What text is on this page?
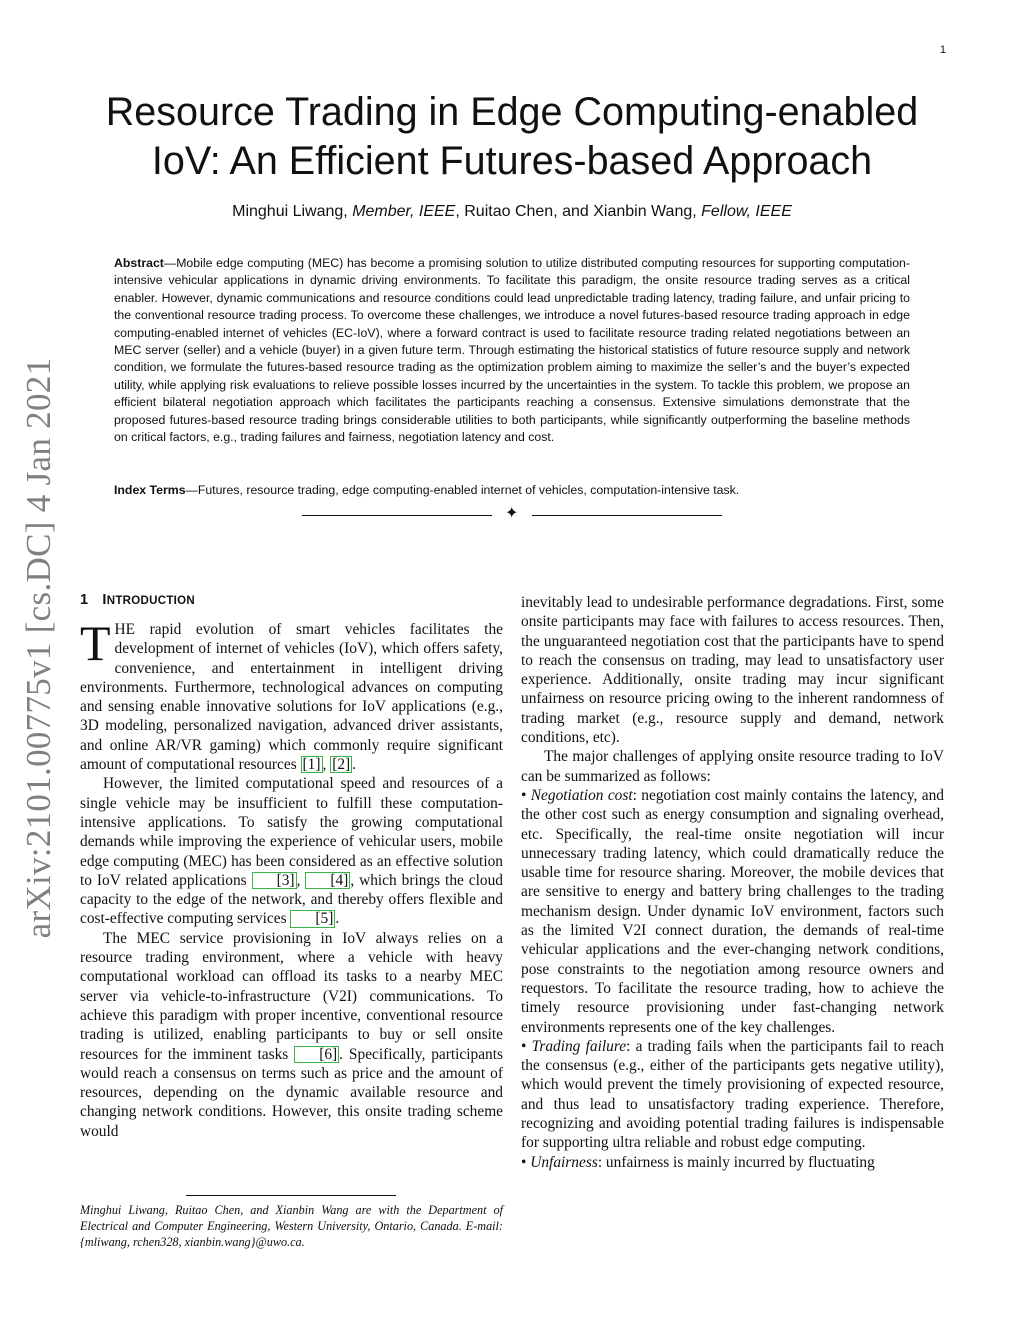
1
arXiv:2101.00775v1 [cs.DC] 4 Jan 2021
Resource Trading in Edge Computing-enabled
IoV: An Efficient Futures-based Approach
Minghui Liwang, Member, IEEE, Ruitao Chen, and Xianbin Wang, Fellow, IEEE

Abstract—Mobile edge computing (MEC) has become a promising solution to utilize distributed computing resources for supporting computation-intensive vehicular applications in dynamic driving environments. To facilitate this paradigm, the onsite resource trading serves as a critical enabler. However, dynamic communications and resource conditions could lead unpredictable trading latency, trading failure, and unfair pricing to the conventional resource trading process. To overcome these challenges, we introduce a novel futures-based resource trading approach in edge computing-enabled internet of vehicles (EC-IoV), where a forward contract is used to facilitate resource trading related negotiations between an MEC server (seller) and a vehicle (buyer) in a given future term. Through estimating the historical statistics of future resource supply and network condition, we formulate the futures-based resource trading as the optimization problem aiming to maximize the seller’s and the buyer’s expected utility, while applying risk evaluations to relieve possible losses incurred by the uncertainties in the system. To tackle this problem, we propose an efficient bilateral negotiation approach which facilitates the participants reaching a consensus. Extensive simulations demonstrate that the proposed futures-based resource trading brings considerable utilities to both participants, while significantly outperforming the baseline methods on critical factors, e.g., trading failures and fairness, negotiation latency and cost.

Index Terms—Futures, resource trading, edge computing-enabled internet of vehicles, computation-intensive task.

✦
1 INTRODUCTION

THE rapid evolution of smart vehicles facilitates the development of internet of vehicles (IoV), which offers safety, convenience, and entertainment in intelligent driving environments. Furthermore, technological advances on computing and sensing enable innovative solutions for IoV applications (e.g., 3D modeling, personalized navigation, advanced driver assistants, and online AR/VR gaming) which commonly require significant amount of computational resources [1] , [2] .

However, the limited computational speed and resources of a single vehicle may be insufficient to fulfill these computation-intensive applications. To satisfy the growing computational demands while improving the experience of vehicular users, mobile edge computing (MEC) has been considered as an effective solution to IoV related applications [3] , [4] , which brings the cloud capacity to the edge of the network, and thereby offers flexible and cost-effective computing services [5] .

The MEC service provisioning in IoV always relies on a resource trading environment, where a vehicle with heavy computational workload can offload its tasks to a nearby MEC server via vehicle-to-infrastructure (V2I) communications. To achieve this paradigm with proper incentive, conventional resource trading is utilized, enabling participants to buy or sell onsite resources for the imminent tasks [6] . Specifically, participants would reach a consensus on terms such as price and the amount of resources, depending on the dynamic available resource and changing network conditions. However, this onsite trading scheme would

Minghui Liwang, Ruitao Chen, and Xianbin Wang are with the Department of Electrical and Computer Engineering, Western University, Ontario, Canada. E-mail: {mliwang, rchen328, xianbin.wang}@uwo.ca.

inevitably lead to undesirable performance degradations. First, some onsite participants may face with failures to access resources. Then, the unguaranteed negotiation cost that the participants have to spend to reach the consensus on trading, may lead to unsatisfactory user experience. Additionally, onsite trading may incur significant unfairness on resource pricing owing to the inherent randomness of trading market (e.g., resource supply and demand, network conditions, etc).

The major challenges of applying onsite resource trading to IoV can be summarized as follows:

• Negotiation cost: negotiation cost mainly contains the latency, and the other cost such as energy consumption and signaling overhead, etc. Specifically, the real-time onsite negotiation will incur unnecessary trading latency, which could dramatically reduce the usable time for resource sharing. Moreover, the mobile devices that are sensitive to energy and battery bring challenges to the trading mechanism design. Under dynamic IoV environment, factors such as the limited V2I connect duration, the demands of real-time vehicular applications and the ever-changing network conditions, pose constraints to the negotiation among resource owners and requestors. To facilitate the resource trading, how to achieve the timely resource provisioning under fast-changing network environments represents one of the key challenges.

• Trading failure: a trading fails when the participants fail to reach the consensus (e.g., either of the participants gets negative utility), which would prevent the timely provisioning of expected resource, and thus lead to unsatisfactory trading experience. Therefore, recognizing and avoiding potential trading failures is indispensable for supporting ultra reliable and robust edge computing.

• Unfairness: unfairness is mainly incurred by fluctuating
